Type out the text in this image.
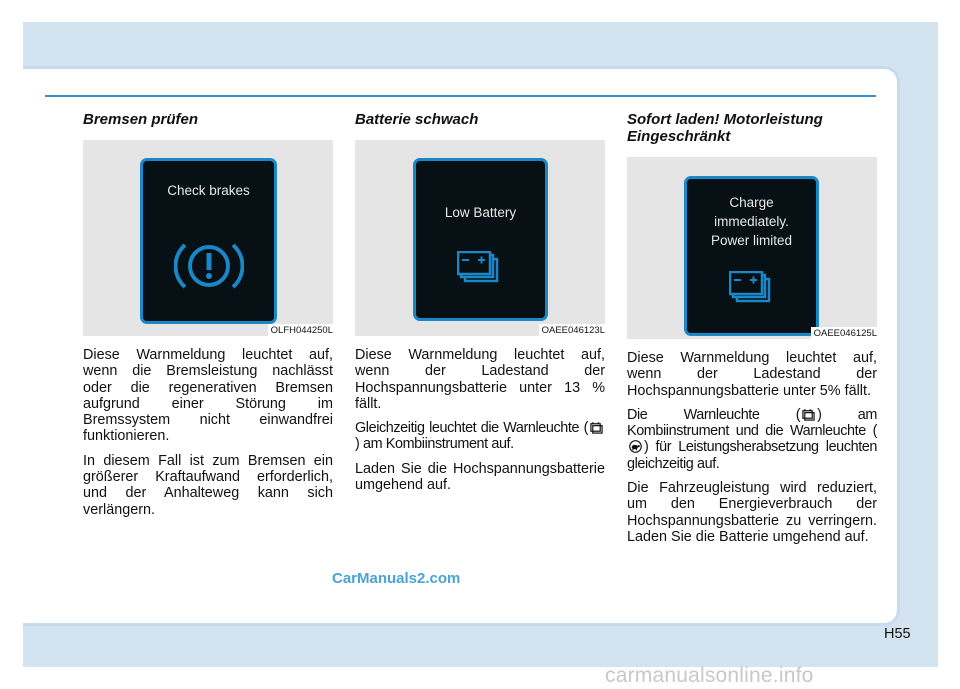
Bremsen prüfen
Check brakes
OLFH044250L

Diese Warnmeldung leuchtet auf, wenn die Bremsleistung nachlässt oder die regenerativen Bremsen aufgrund einer Störung im Bremssystem nicht einwandfrei funktionieren.

In diesem Fall ist zum Bremsen ein größerer Kraftaufwand erforderlich, und der Anhalteweg kann sich verlängern.

Batterie schwach
Low Battery
OAEE046123L

Diese Warnmeldung leuchtet auf, wenn der Ladestand der Hochspannungsbatterie unter 13 % fällt.

Gleichzeitig leuchtet die Warnleuchte () am Kombiinstrument auf.

Laden Sie die Hochspannungsbatterie umgehend auf.

Sofort laden! Motorleistung
Eingeschränkt
Charge
immediately.
Power limited
OAEE046125L

Diese Warnmeldung leuchtet auf, wenn der Ladestand der Hochspannungsbatterie unter 5% fällt.

Die Warnleuchte ( ) am Kombiinstrument und die Warnleuchte () für Leistungsherabsetzung leuchten gleichzeitig auf.

Die Fahrzeugleistung wird reduziert, um den Energieverbrauch der Hochspannungsbatterie zu verringern. Laden Sie die Batterie umgehend auf.

CarManuals2.com
H55
carmanualsonline.info
